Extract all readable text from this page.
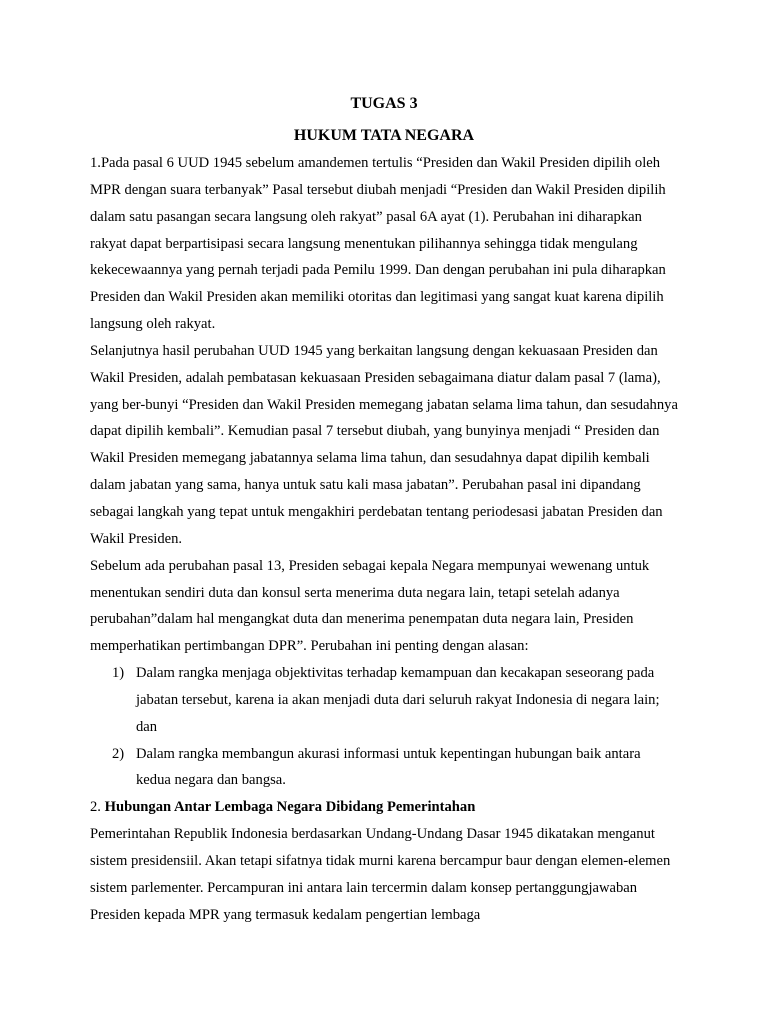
TUGAS 3
HUKUM TATA NEGARA

1.Pada pasal 6 UUD 1945 sebelum amandemen tertulis “Presiden dan Wakil Presiden dipilih oleh MPR dengan suara terbanyak” Pasal tersebut diubah menjadi “Presiden dan Wakil Presiden dipilih dalam satu pasangan secara langsung oleh rakyat” pasal 6A ayat (1). Perubahan ini diharapkan rakyat dapat berpartisipasi secara langsung menentukan pilihannya sehingga tidak mengulang kekecewaannya yang pernah terjadi pada Pemilu 1999. Dan dengan perubahan ini pula diharapkan Presiden dan Wakil Presiden akan memiliki otoritas dan legitimasi yang sangat kuat karena dipilih langsung oleh rakyat.

Selanjutnya hasil perubahan UUD 1945 yang berkaitan langsung dengan kekuasaan Presiden dan Wakil Presiden, adalah pembatasan kekuasaan Presiden sebagaimana diatur dalam pasal 7 (lama), yang ber-bunyi “Presiden dan Wakil Presiden memegang jabatan selama lima tahun, dan sesudahnya dapat dipilih kembali”. Kemudian pasal 7 tersebut diubah, yang bunyinya menjadi “ Presiden dan Wakil Presiden memegang jabatannya selama lima tahun, dan sesudahnya dapat dipilih kembali dalam jabatan yang sama, hanya untuk satu kali masa jabatan”. Perubahan pasal ini dipandang sebagai langkah yang tepat untuk mengakhiri perdebatan tentang periodesasi jabatan Presiden dan Wakil Presiden.

Sebelum ada perubahan pasal 13, Presiden sebagai kepala Negara mempunyai wewenang untuk menentukan sendiri duta dan konsul serta menerima duta negara lain, tetapi setelah adanya perubahan”dalam hal mengangkat duta dan menerima penempatan duta negara lain, Presiden memperhatikan pertimbangan DPR”. Perubahan ini penting dengan alasan:

1) Dalam rangka menjaga objektivitas terhadap kemampuan dan kecakapan seseorang pada jabatan tersebut, karena ia akan menjadi duta dari seluruh rakyat Indonesia di negara lain; dan
2) Dalam rangka membangun akurasi informasi untuk kepentingan hubungan baik antara kedua negara dan bangsa.

2. Hubungan Antar Lembaga Negara Dibidang Pemerintahan

Pemerintahan Republik Indonesia berdasarkan Undang-Undang Dasar 1945 dikatakan menganut sistem presidensiil. Akan tetapi sifatnya tidak murni karena bercampur baur dengan elemen-elemen sistem parlementer. Percampuran ini antara lain tercermin dalam konsep pertanggungjawaban Presiden kepada MPR yang termasuk kedalam pengertian lembaga
